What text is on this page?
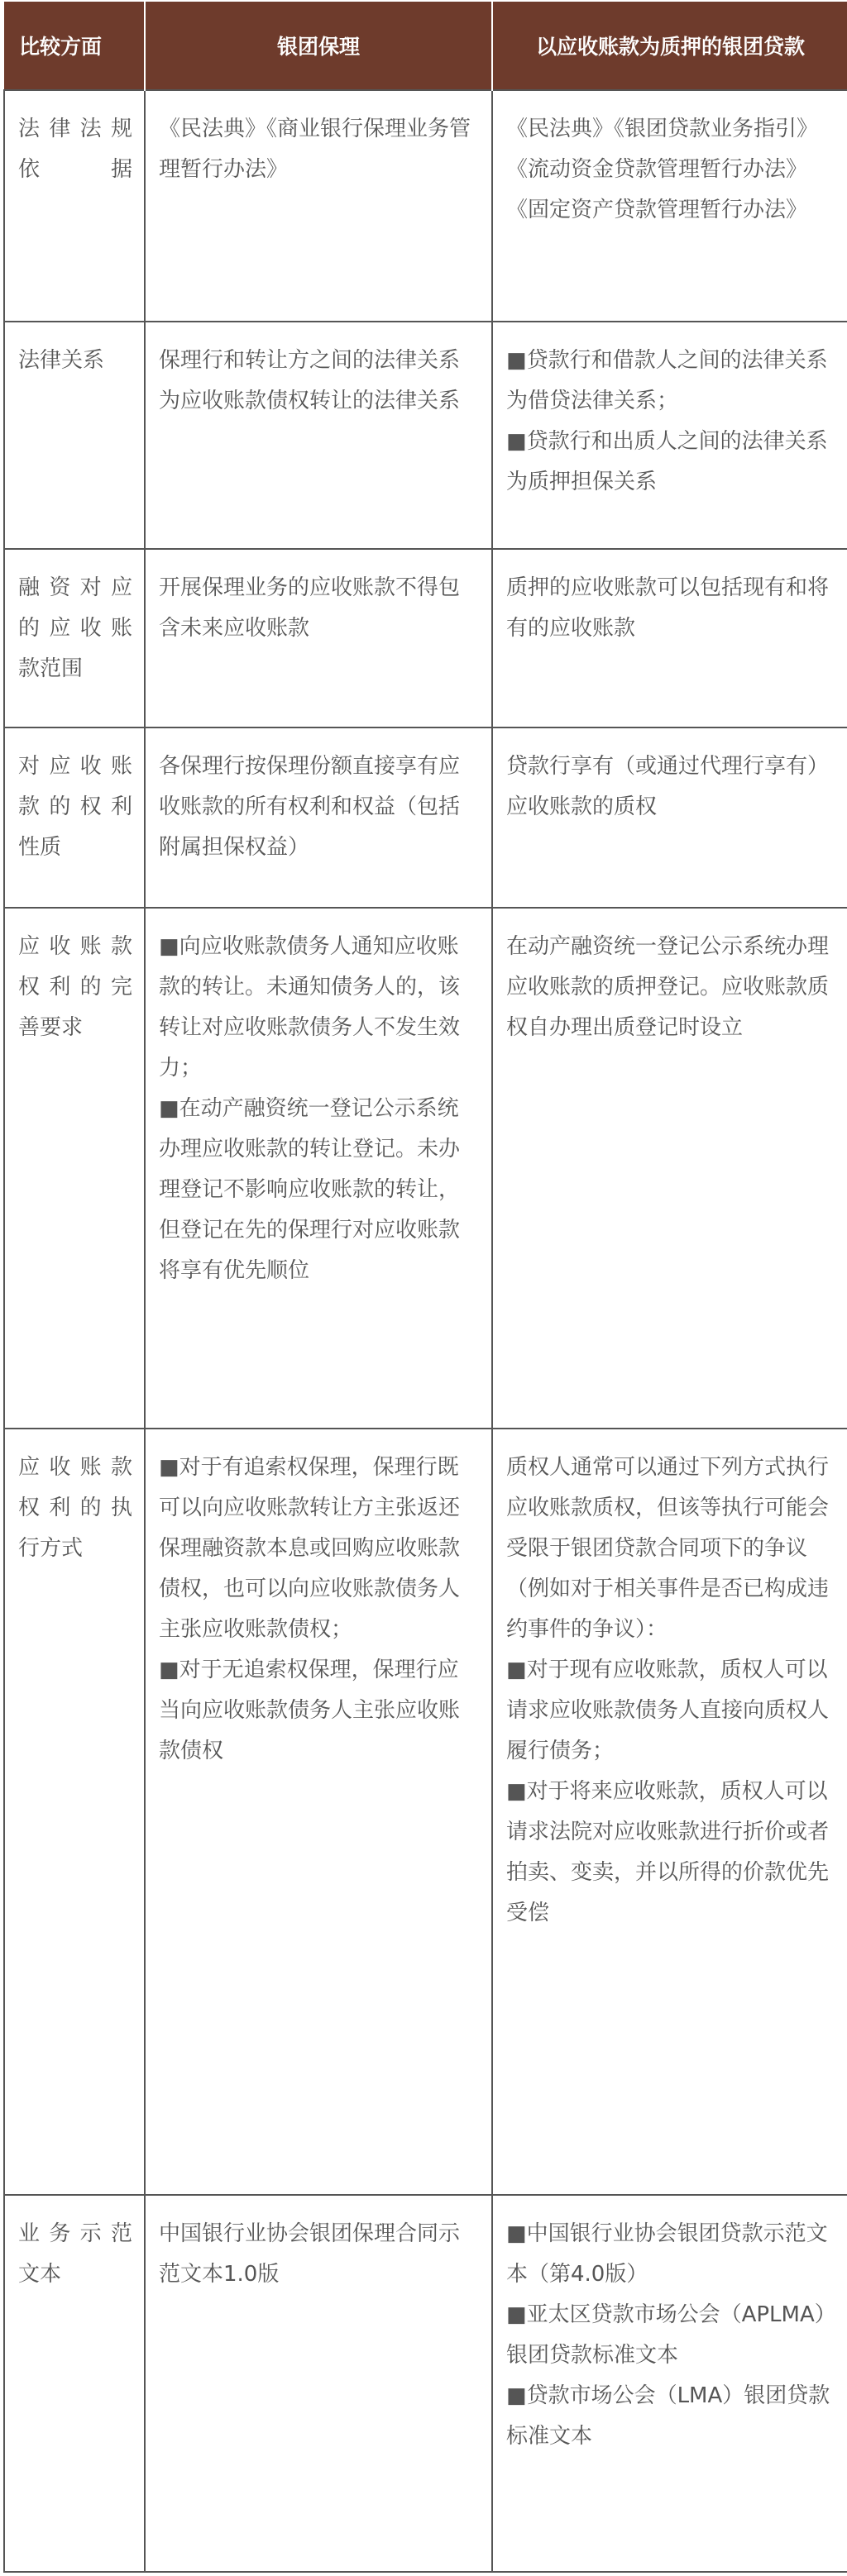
比较方面	银团保理	以应收账款为质押的银团贷款

法律法规
依据	《民法典》《商业银行保理业务管理暂行办法》	《民法典》《银团贷款业务指引》《流动资金贷款管理暂行办法》《固定资产贷款管理暂行办法》

法律关系	保理行和转让方之间的法律关系为应收账款债权转让的法律关系	■贷款行和借款人之间的法律关系为借贷法律关系；
■贷款行和出质人之间的法律关系为质押担保关系

融资对应
的应收账
款范围	开展保理业务的应收账款不得包含未来应收账款	质押的应收账款可以包括现有和将有的应收账款

对应收账
款的权利
性质	各保理行按保理份额直接享有应收账款的所有权利和权益（包括附属担保权益）	贷款行享有（或通过代理行享有）应收账款的质权

应收账款
权利的完
善要求	■向应收账款债务人通知应收账款的转让。未通知债务人的，该转让对应收账款债务人不发生效力；
■在动产融资统一登记公示系统办理应收账款的转让登记。未办理登记不影响应收账款的转让，但登记在先的保理行对应收账款将享有优先顺位	在动产融资统一登记公示系统办理应收账款的质押登记。应收账款质权自办理出质登记时设立

应收账款
权利的执
行方式	■对于有追索权保理，保理行既可以向应收账款转让方主张返还保理融资款本息或回购应收账款债权，也可以向应收账款债务人主张应收账款债权；
■对于无追索权保理，保理行应当向应收账款债务人主张应收账款债权	质权人通常可以通过下列方式执行应收账款质权，但该等执行可能会受限于银团贷款合同项下的争议（例如对于相关事件是否已构成违约事件的争议）：
■对于现有应收账款，质权人可以请求应收账款债务人直接向质权人履行债务；
■对于将来应收账款，质权人可以请求法院对应收账款进行折价或者拍卖、变卖，并以所得的价款优先受偿

业务示范
文本	中国银行业协会银团保理合同示范文本1.0版	■中国银行业协会银团贷款示范文本（第4.0版）
■亚太区贷款市场公会（APLMA）银团贷款标准文本
■贷款市场公会（LMA）银团贷款标准文本
